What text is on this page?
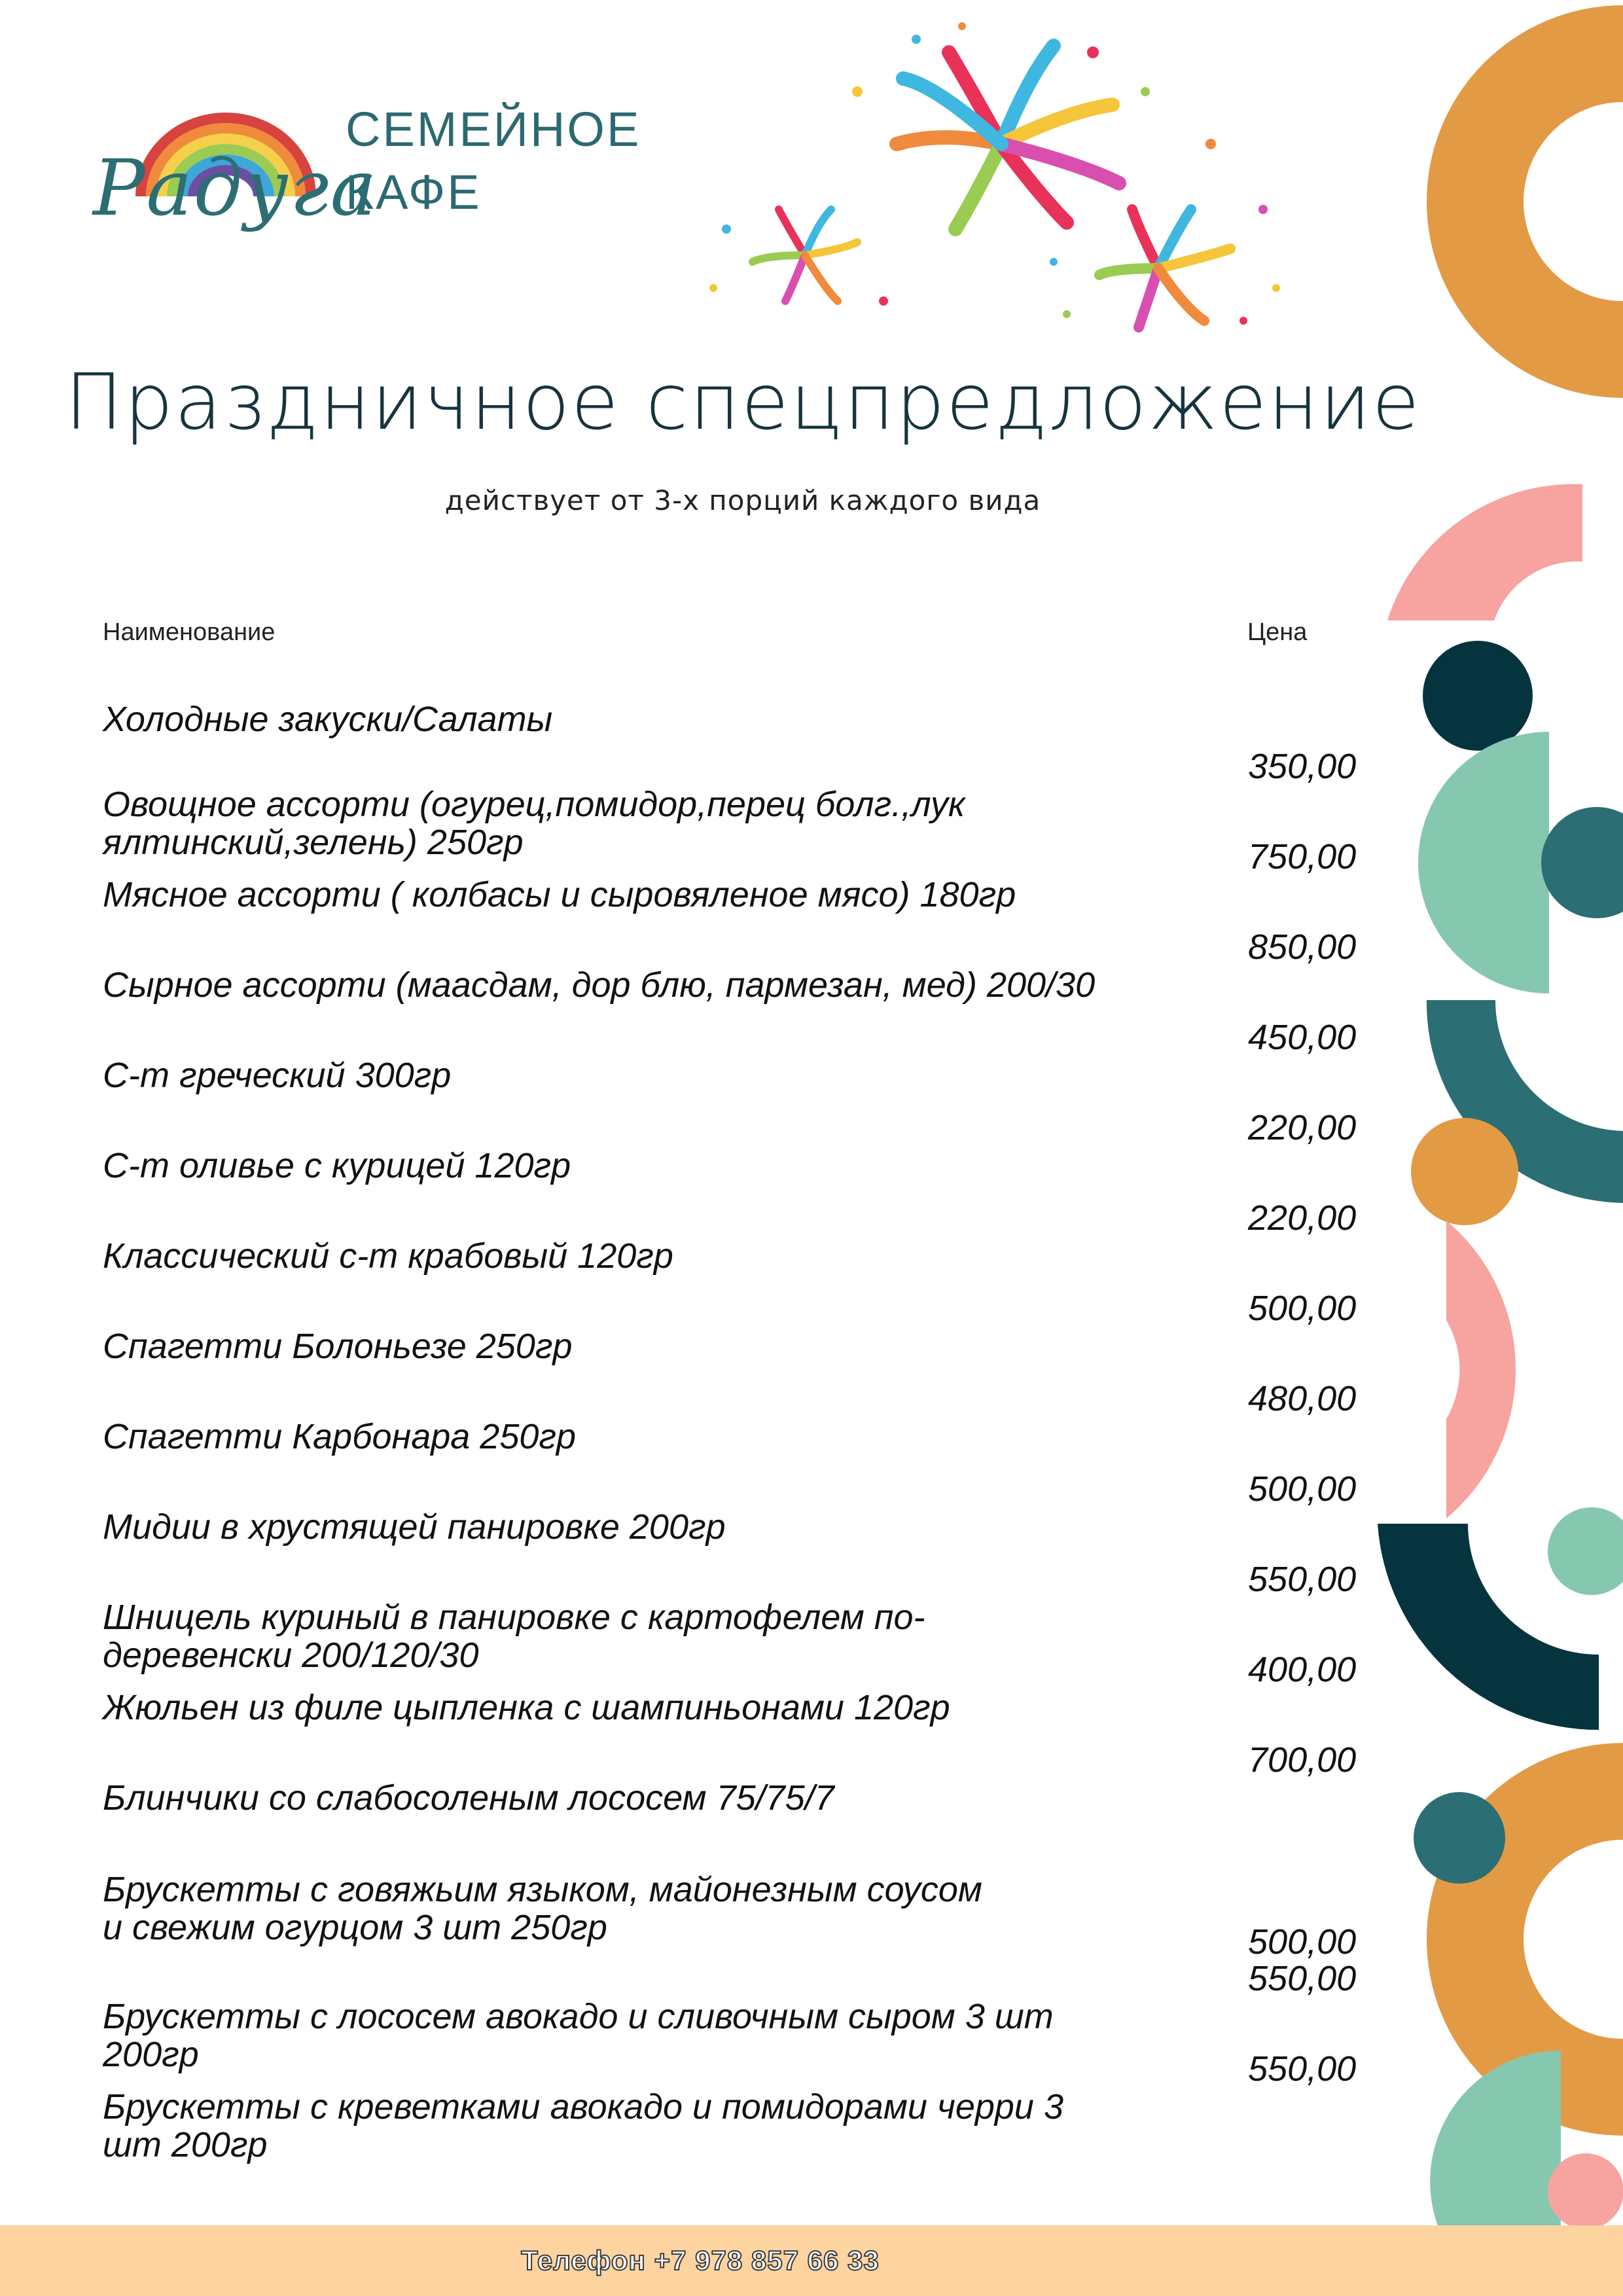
Радуга
СЕМЕЙНОЕ
КАФЕ
Праздничное спецпредложение
действует от 3-х порций каждого вида
Наименование	Цена
Холодные закуски/Салаты
Овощное ассорти (огурец,помидор,перец болг.,лук ялтинский,зелень) 250гр
350,00
Мясное ассорти ( колбасы и сыровяленое мясо) 180гр
750,00
Сырное ассорти (маасдам, дор блю, пармезан, мед) 200/30
850,00
С-т греческий 300гр
450,00
С-т оливье с курицей 120гр
220,00
Классический с-т крабовый 120гр
220,00
Спагетти Болоньезе 250гр
500,00
Спагетти Карбонара 250гр
480,00
Мидии в хрустящей панировке 200гр
500,00
Шницель куриный в панировке с картофелем по-деревенски 200/120/30
550,00
Жюльен из филе цыпленка с шампиньонами 120гр
400,00
Блинчики со слабосоленым лососем 75/75/7
700,00
Брускетты с говяжьим языком, майонезным соусом
и свежим огурцом 3 шт 250гр	500,00
Брускетты с лососем авокадо и сливочным сыром 3 шт 200гр
550,00
Брускетты с креветками авокадо и помидорами черри 3 шт 200гр
550,00
Телефон +7 978 857 66 33
